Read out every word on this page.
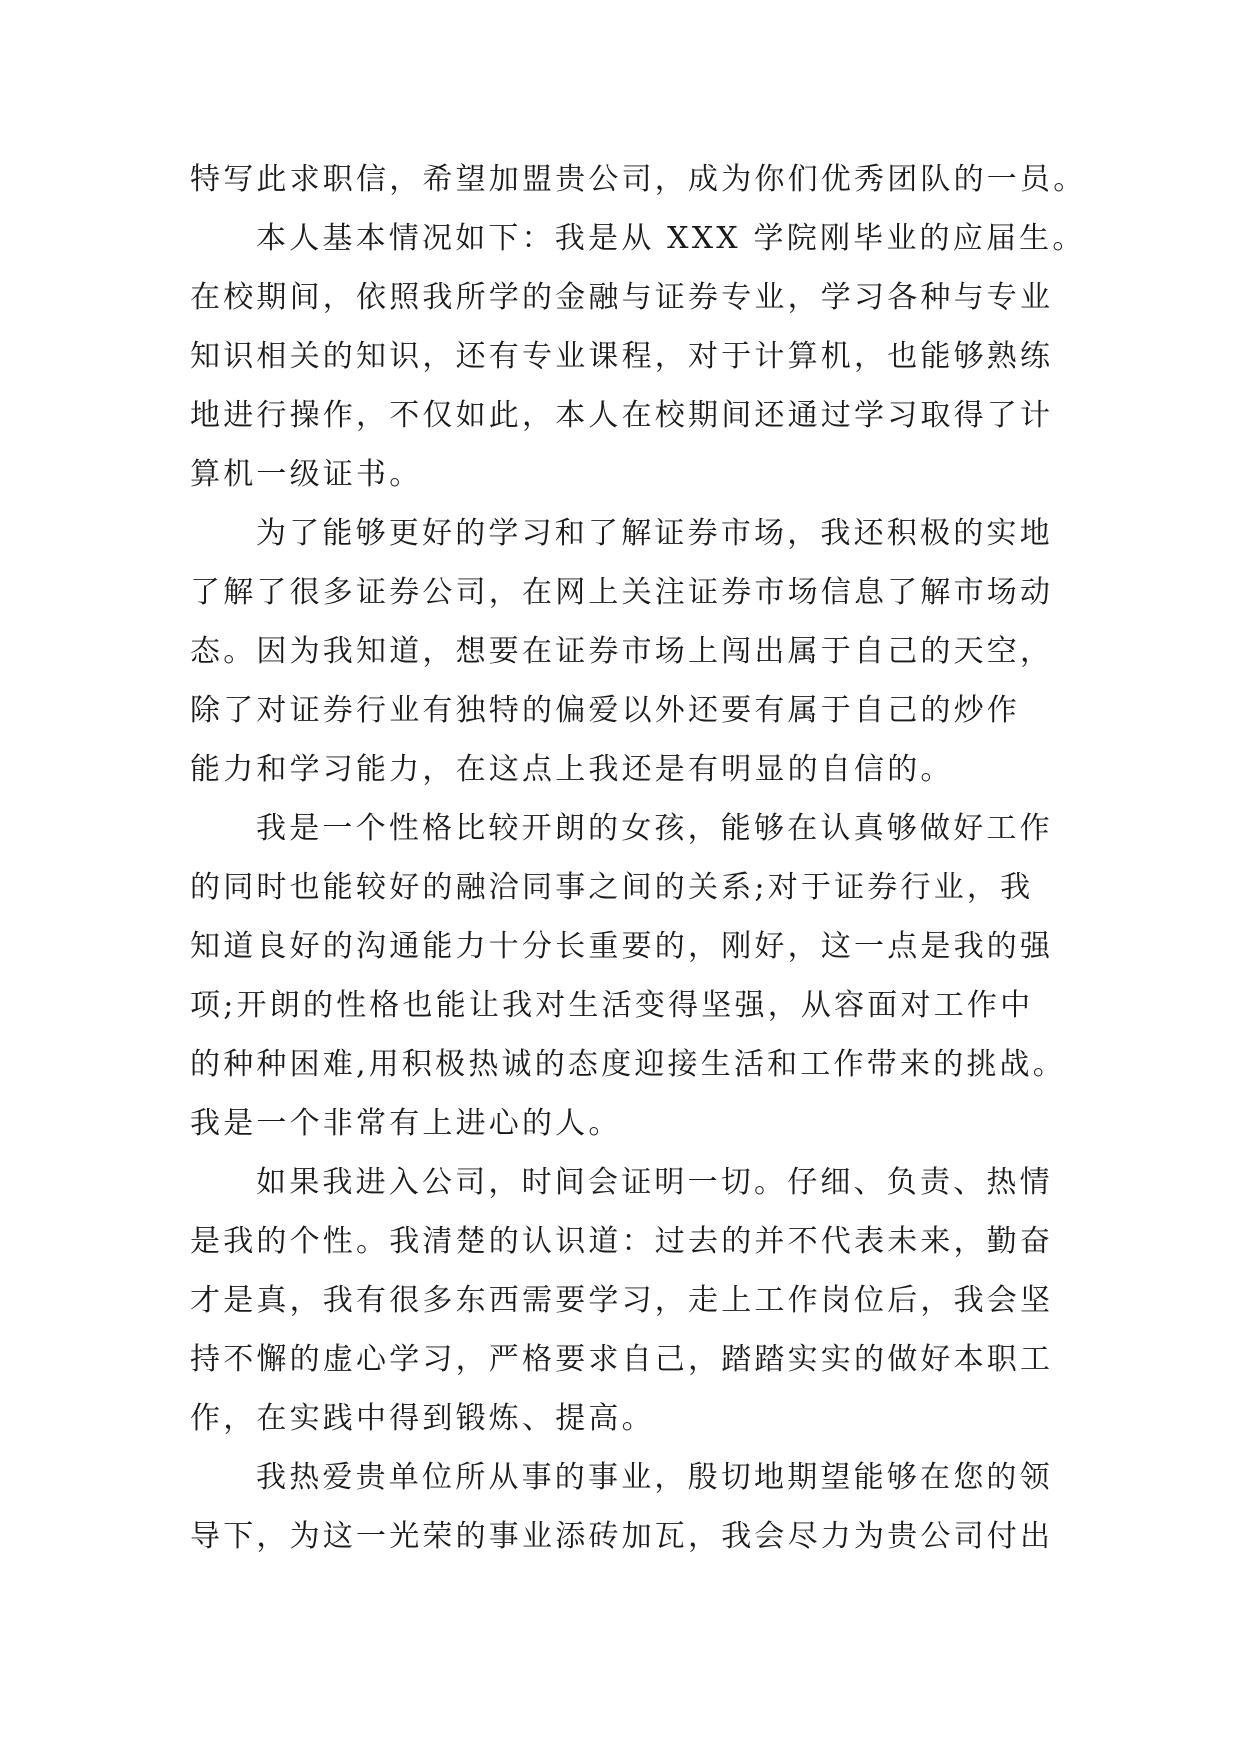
特写此求职信，希望加盟贵公司，成为你们优秀团队的一员。
本人基本情况如下：我是从 XXX 学院刚毕业的应届生。
在校期间，依照我所学的金融与证券专业，学习各种与专业
知识相关的知识，还有专业课程，对于计算机，也能够熟练
地进行操作，不仅如此，本人在校期间还通过学习取得了计
算机一级证书。
为了能够更好的学习和了解证券市场，我还积极的实地
了解了很多证券公司，在网上关注证券市场信息了解市场动
态。因为我知道，想要在证券市场上闯出属于自己的天空，
除了对证券行业有独特的偏爱以外还要有属于自己的炒作
能力和学习能力，在这点上我还是有明显的自信的。
我是一个性格比较开朗的女孩，能够在认真够做好工作
的同时也能较好的融洽同事之间的关系;对于证券行业，我
知道良好的沟通能力十分长重要的，刚好，这一点是我的强
项;开朗的性格也能让我对生活变得坚强，从容面对工作中
的种种困难,用积极热诚的态度迎接生活和工作带来的挑战。
我是一个非常有上进心的人。
如果我进入公司，时间会证明一切。仔细、负责、热情
是我的个性。我清楚的认识道：过去的并不代表未来，勤奋
才是真，我有很多东西需要学习，走上工作岗位后，我会坚
持不懈的虚心学习，严格要求自己，踏踏实实的做好本职工
作，在实践中得到锻炼、提高。
我热爱贵单位所从事的事业，殷切地期望能够在您的领
导下，为这一光荣的事业添砖加瓦，我会尽力为贵公司付出
